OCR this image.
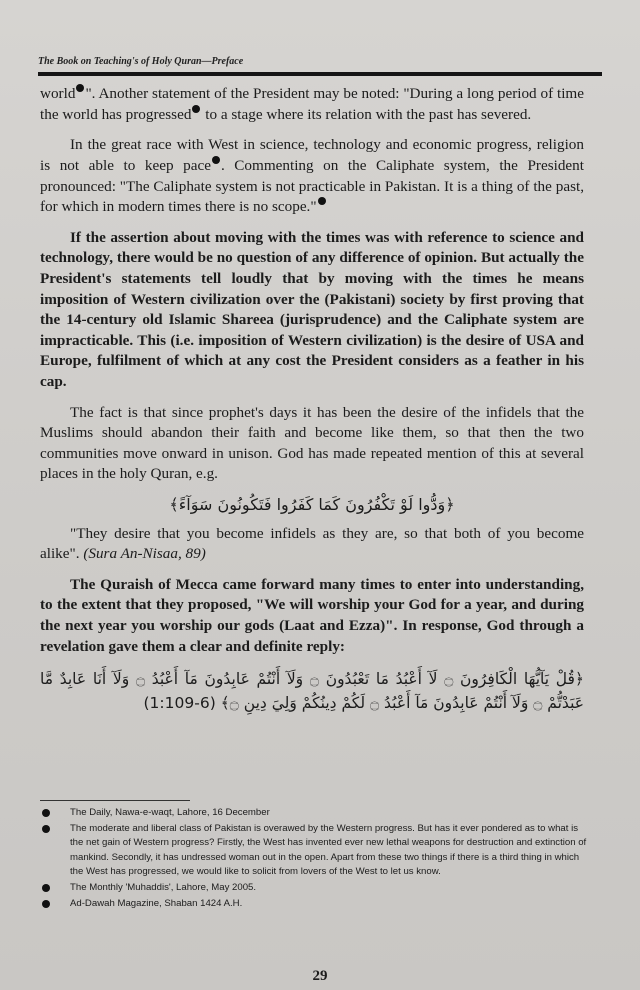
The Book on Teaching's of Holy Quran—Preface

world ". Another statement of the President may be noted: "During a long period of time the world has progressed to a stage where its relation with the past has severed.

In the great race with West in science, technology and economic progress, religion is not able to keep pace . Commenting on the Caliphate system, the President pronounced: "The Caliphate system is not practicable in Pakistan. It is a thing of the past, for which in modern times there is no scope."

If the assertion about moving with the times was with reference to science and technology, there would be no question of any difference of opinion. But actually the President's statements tell loudly that by moving with the times he means imposition of Western civilization over the (Pakistani) society by first proving that the 14-century old Islamic Shareea (jurisprudence) and the Caliphate system are impracticable. This (i.e. imposition of Western civilization) is the desire of USA and Europe, fulfilment of which at any cost the President considers as a feather in his cap.

The fact is that since prophet's days it has been the desire of the infidels that the Muslims should abandon their faith and become like them, so that then the two communities move onward in unison. God has made repeated mention of this at several places in the holy Quran, e.g.

﴿وَدُّوا لَوْ تَكْفُرُونَ كَمَا كَفَرُوا فَتَكُونُونَ سَوَآءً﴾

"They desire that you become infidels as they are, so that both of you become alike". (Sura An-Nisaa, 89)

The Quraish of Mecca came forward many times to enter into understanding, to the extent that they proposed, "We will worship your God for a year, and during the next year you worship our gods (Laat and Ezza)". In response, God through a revelation gave them a clear and definite reply:

﴿قُلْ يَآيُّهَا الْكَافِرُونَ ۝ لَآ أَعْبُدُ مَا تَعْبُدُونَ ۝ وَلَآ أَنْتُمْ عَابِدُونَ مَآ أَعْبُدُ ۝ وَلَآ أَنَا عَابِدٌ مَّا عَبَدْتُّمْ ۝ وَلَآ أَنْتُمْ عَابِدُونَ مَآ أَعْبُدُ ۝ لَكُمْ دِينُكُمْ وَلِيَ دِينِ ۝﴾ (6-1:109)
The Daily, Nawa-e-waqt, Lahore, 16 December
The moderate and liberal class of Pakistan is overawed by the Western progress. But has it ever pondered as to what is the net gain of Western progress? Firstly, the West has invented ever new lethal weapons for destruction and extinction of mankind. Secondly, it has undressed woman out in the open. Apart from these two things if there is a third thing in which the West has progressed, we would like to solicit from lovers of the West to let us know.
The Monthly 'Muhaddis', Lahore, May 2005.
Ad-Dawah Magazine, Shaban 1424 A.H.
29
